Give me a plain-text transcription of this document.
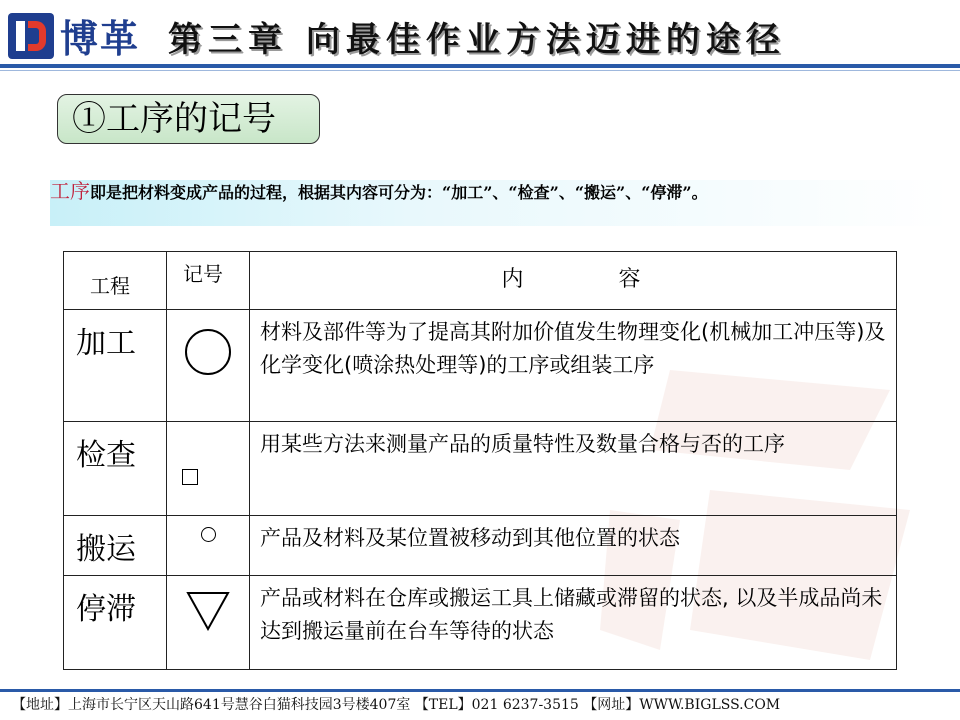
博革 第三章 向最佳作业方法迈进的途径
①工序的记号
工序即是把材料变成产品的过程，根据其内容可分为：“加工”、“检查”、“搬运”、“停滞”。
工程	记号	内 容
加工		材料及部件等为了提高其附加价值发生物理变化(机械加工冲压等)及化学变化(喷涂热处理等)的工序或组装工序
检查		用某些方法来测量产品的质量特性及数量合格与否的工序
搬运		产品及材料及某位置被移动到其他位置的状态
停滞		产品或材料在仓库或搬运工具上储藏或滞留的状态, 以及半成品尚未达到搬运量前在台车等待的状态
【地址】上海市长宁区天山路641号慧谷白猫科技园3号楼407室 【TEL】021 6237-3515 【网址】WWW.BIGLSS.COM
